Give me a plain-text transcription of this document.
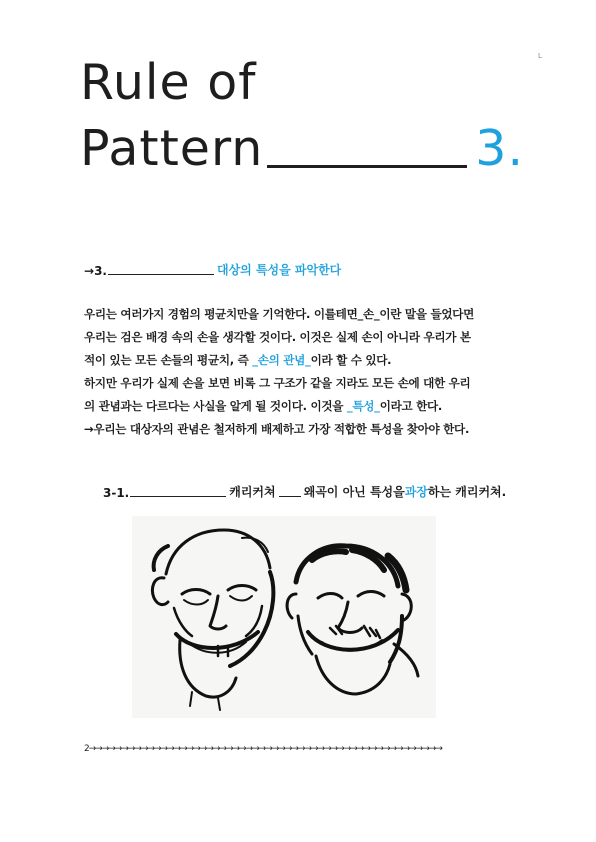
Rule of
Pattern	3.
L
→ 3.	대상의 특성을 파악한다

우리는 여러가지 경험의 평균치만을 기억한다. 이를테면_손_이란 말을 들었다면

우리는 검은 배경 속의 손을 생각할 것이다. 이것은 실제 손이 아니라 우리가 본

적이 있는 모든 손들의 평균치, 즉 _손의 관념_이라 할 수 있다.

하지만 우리가 실제 손을 보면 비록 그 구조가 같을 지라도 모든 손에 대한 우리

의 관념과는 다르다는 사실을 알게 될 것이다. 이것을 _특성_이라고 한다.

→우리는 대상자의 관념은 철저하게 배제하고 가장 적합한 특성을 찾아야 한다.

3-1.	캐리커쳐 왜곡이 아닌 특성을 과장 하는 캐리커쳐.
2→→→→→→→→→→→→→→→→→→→→→→→→→→→→→→→→→→→→→→→→→→→→→→→→→→→→→→
